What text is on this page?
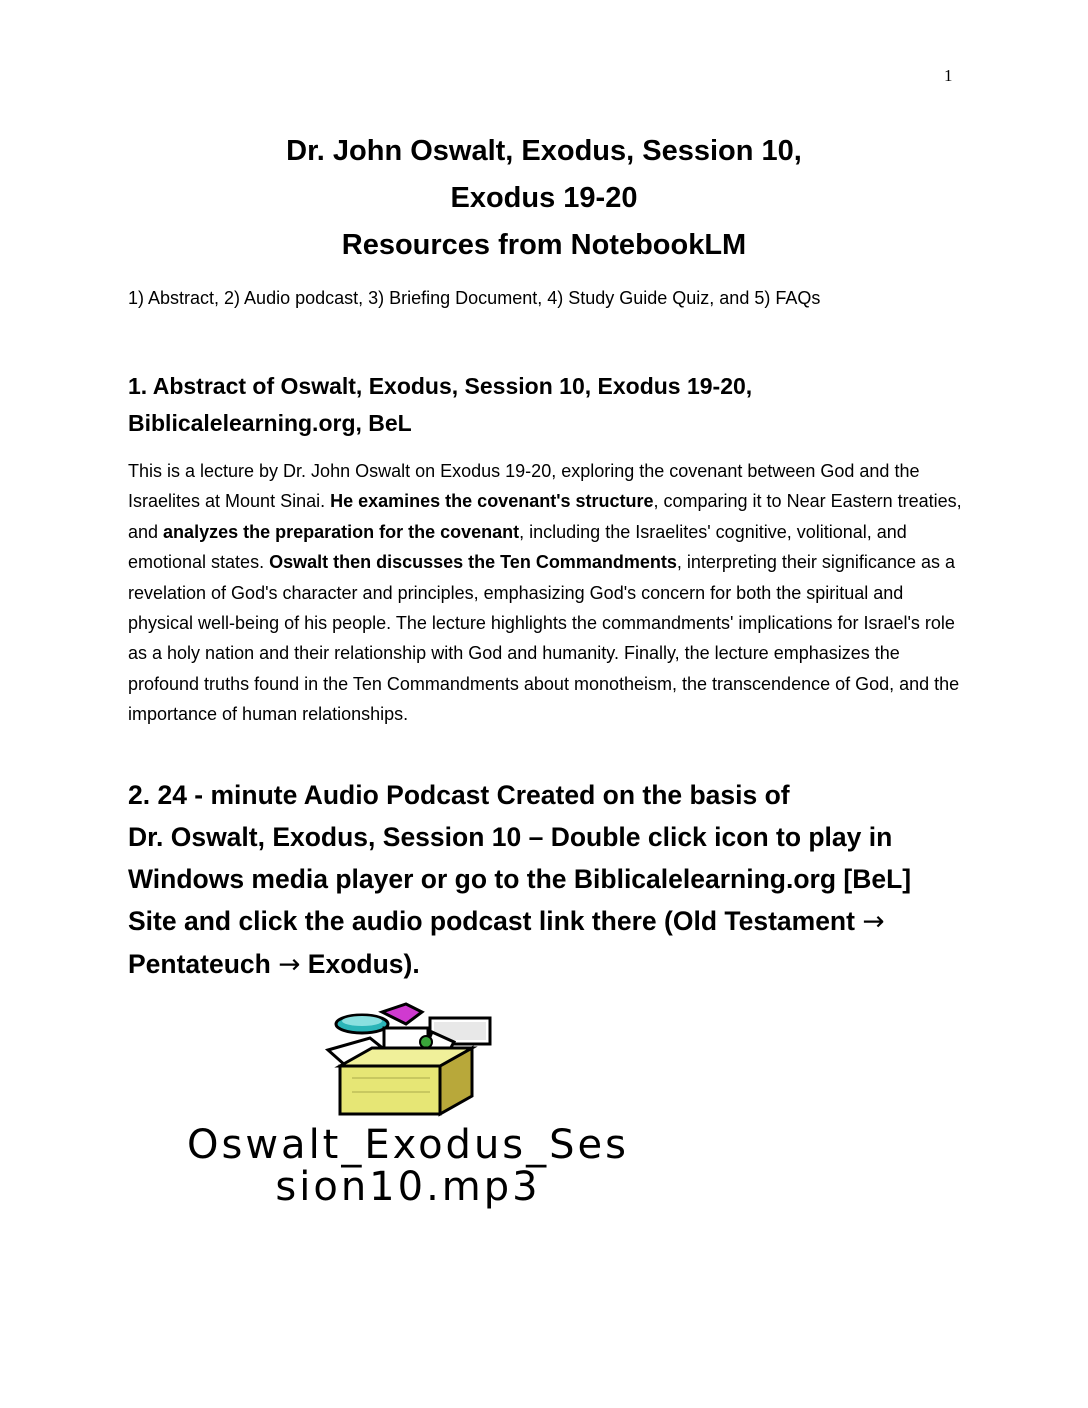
1
Dr. John Oswalt, Exodus, Session 10,
Exodus 19-20
Resources from NotebookLM
1) Abstract, 2) Audio podcast, 3) Briefing Document, 4) Study Guide Quiz, and 5) FAQs
1. Abstract of Oswalt, Exodus, Session 10, Exodus 19-20,
Biblicalelearning.org, BeL

This is a lecture by Dr. John Oswalt on Exodus 19-20, exploring the covenant between God and the Israelites at Mount Sinai. He examines the covenant's structure, comparing it to Near Eastern treaties, and analyzes the preparation for the covenant, including the Israelites' cognitive, volitional, and emotional states. Oswalt then discusses the Ten Commandments, interpreting their significance as a revelation of God's character and principles, emphasizing God's concern for both the spiritual and physical well-being of his people. The lecture highlights the commandments' implications for Israel's role as a holy nation and their relationship with God and humanity. Finally, the lecture emphasizes the profound truths found in the Ten Commandments about monotheism, the transcendence of God, and the importance of human relationships.

2. 24 - minute Audio Podcast Created on the basis of
Dr. Oswalt, Exodus, Session 10 – Double click icon to play in
Windows media player or go to the Biblicalelearning.org [BeL]
Site and click the audio podcast link there (Old Testament →
Pentateuch → Exodus).
Oswalt_Exodus_Ses
sion10.mp3
